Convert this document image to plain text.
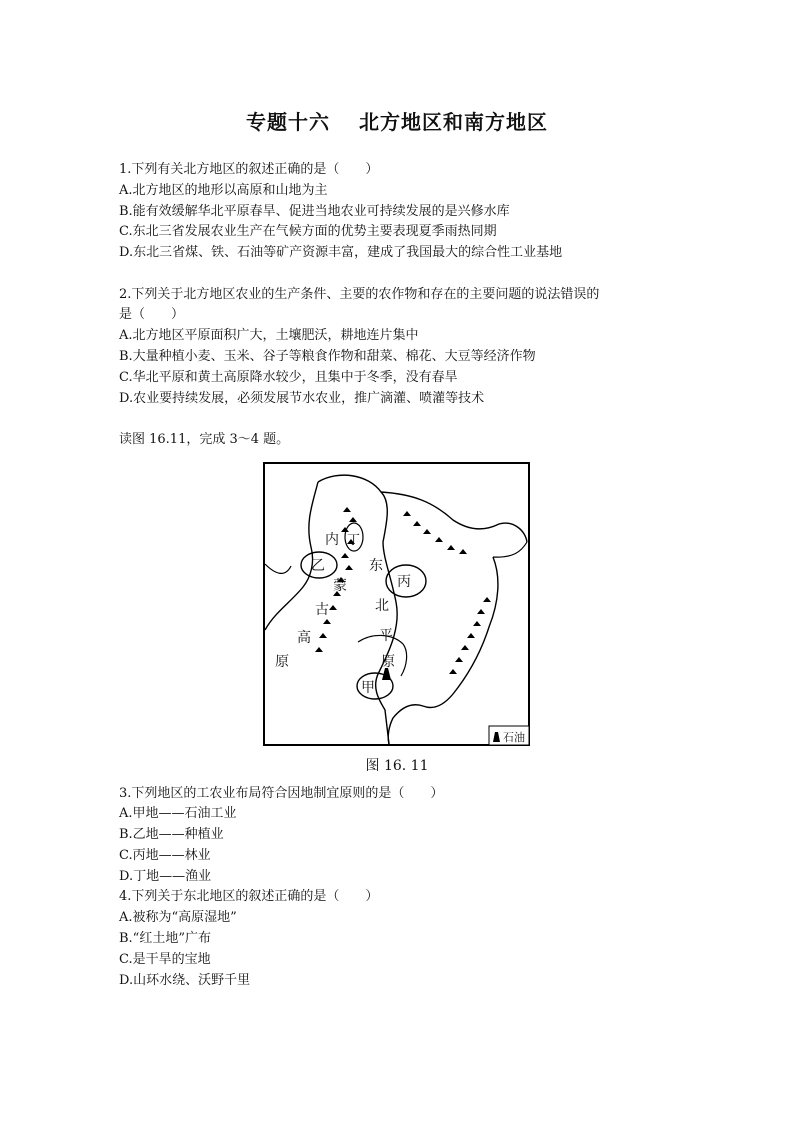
专题十六　 北方地区和南方地区
1.下列有关北方地区的叙述正确的是（　　）
A.北方地区的地形以高原和山地为主
B.能有效缓解华北平原春旱、促进当地农业可持续发展的是兴修水库
C.东北三省发展农业生产在气候方面的优势主要表现夏季雨热同期
D.东北三省煤、铁、石油等矿产资源丰富，建成了我国最大的综合性工业基地
2.下列关于北方地区农业的生产条件、主要的农作物和存在的主要问题的说法错误的
是（　　）
A.北方地区平原面积广大，土壤肥沃，耕地连片集中
B.大量种植小麦、玉米、谷子等粮食作物和甜菜、棉花、大豆等经济作物
C.华北平原和黄土高原降水较少，且集中于冬季，没有春旱
D.农业要持续发展，必须发展节水农业，推广滴灌、喷灌等技术
读图 16.11，完成 3～4 题。
内 丁
乙
蒙
古
高
原
东
丙
北
平
原
甲
石油
图 16. 11
3.下列地区的工农业布局符合因地制宜原则的是（　　）
A.甲地——石油工业
B.乙地——种植业
C.丙地——林业
D.丁地——渔业
4.下列关于东北地区的叙述正确的是（　　）
A.被称为“高原湿地”
B.“红土地”广布
C.是干旱的宝地
D.山环水绕、沃野千里
